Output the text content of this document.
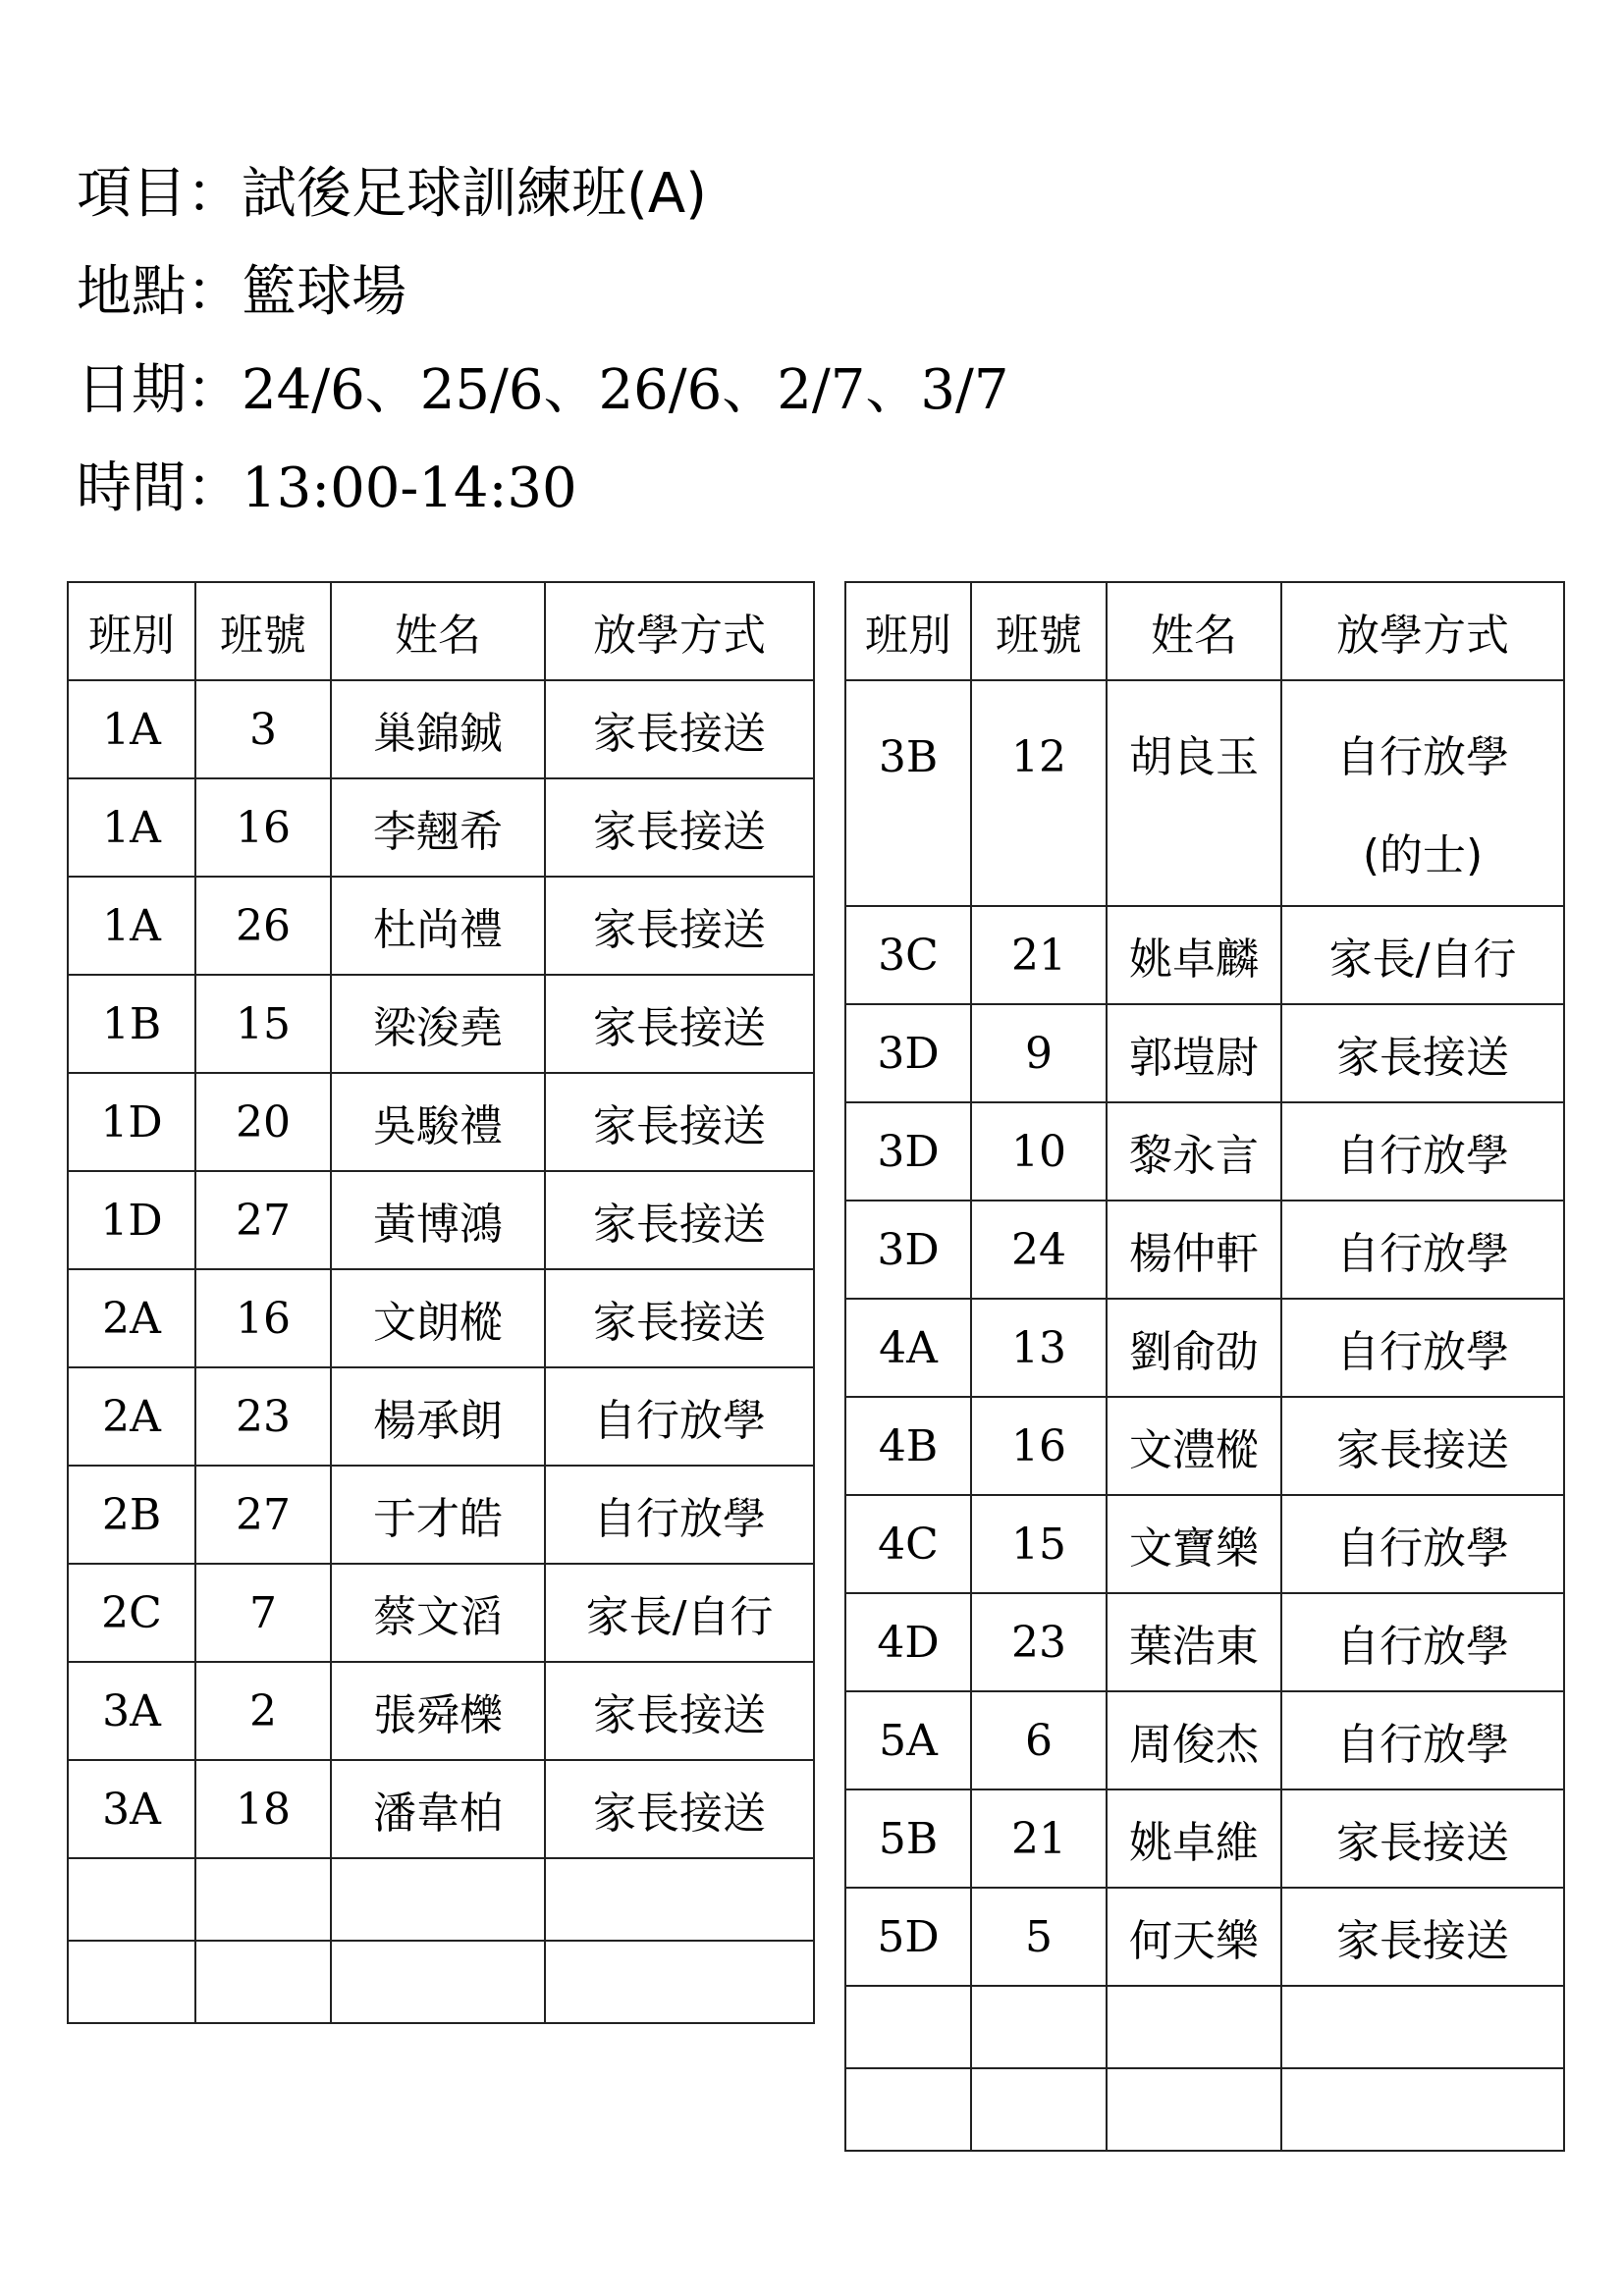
項目：試後足球訓練班(A)
地點：籃球場
日期：24/6、25/6、26/6、2/7、3/7
時間：13:00-14:30
班別	班號	姓名	放學方式

1A	3	巢錦鋮	家長接送

1A	16	李翹希	家長接送

1A	26	杜尚禮	家長接送

1B	15	梁浚堯	家長接送

1D	20	吳駿禮	家長接送

1D	27	黃博鴻	家長接送

2A	16	文朗樅	家長接送

2A	23	楊承朗	自行放學

2B	27	于才皓	自行放學

2C	7	蔡文滔	家長/自行

3A	2	張舜櫟	家長接送

3A	18	潘韋柏	家長接送

班別	班號	姓名	放學方式

3B	12	胡良玉	自行放學
(的士)

3C	21	姚卓麟	家長/自行

3D	9	郭塏尉	家長接送

3D	10	黎永言	自行放學

3D	24	楊仲軒	自行放學

4A	13	劉俞劭	自行放學

4B	16	文澧樅	家長接送

4C	15	文寶樂	自行放學

4D	23	葉浩東	自行放學

5A	6	周俊杰	自行放學

5B	21	姚卓維	家長接送

5D	5	何天樂	家長接送
